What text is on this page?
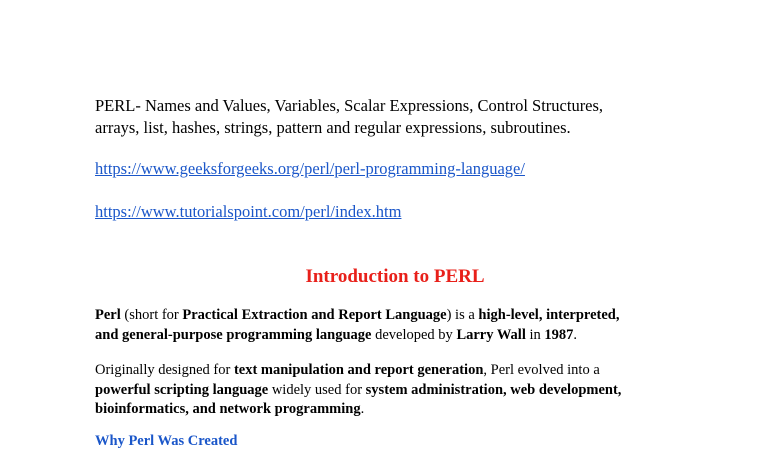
PERL- Names and Values, Variables, Scalar Expressions, Control Structures,
arrays, list, hashes, strings, pattern and regular expressions, subroutines.

https://www.geeksforgeeks.org/perl/perl-programming-language/
https://www.tutorialspoint.com/perl/index.htm
Introduction to PERL

Perl (short for Practical Extraction and Report Language) is a high-level, interpreted,
and general-purpose programming language developed by Larry Wall in 1987.

Originally designed for text manipulation and report generation, Perl evolved into a
powerful scripting language widely used for system administration, web development,
bioinformatics, and network programming.

Why Perl Was Created
